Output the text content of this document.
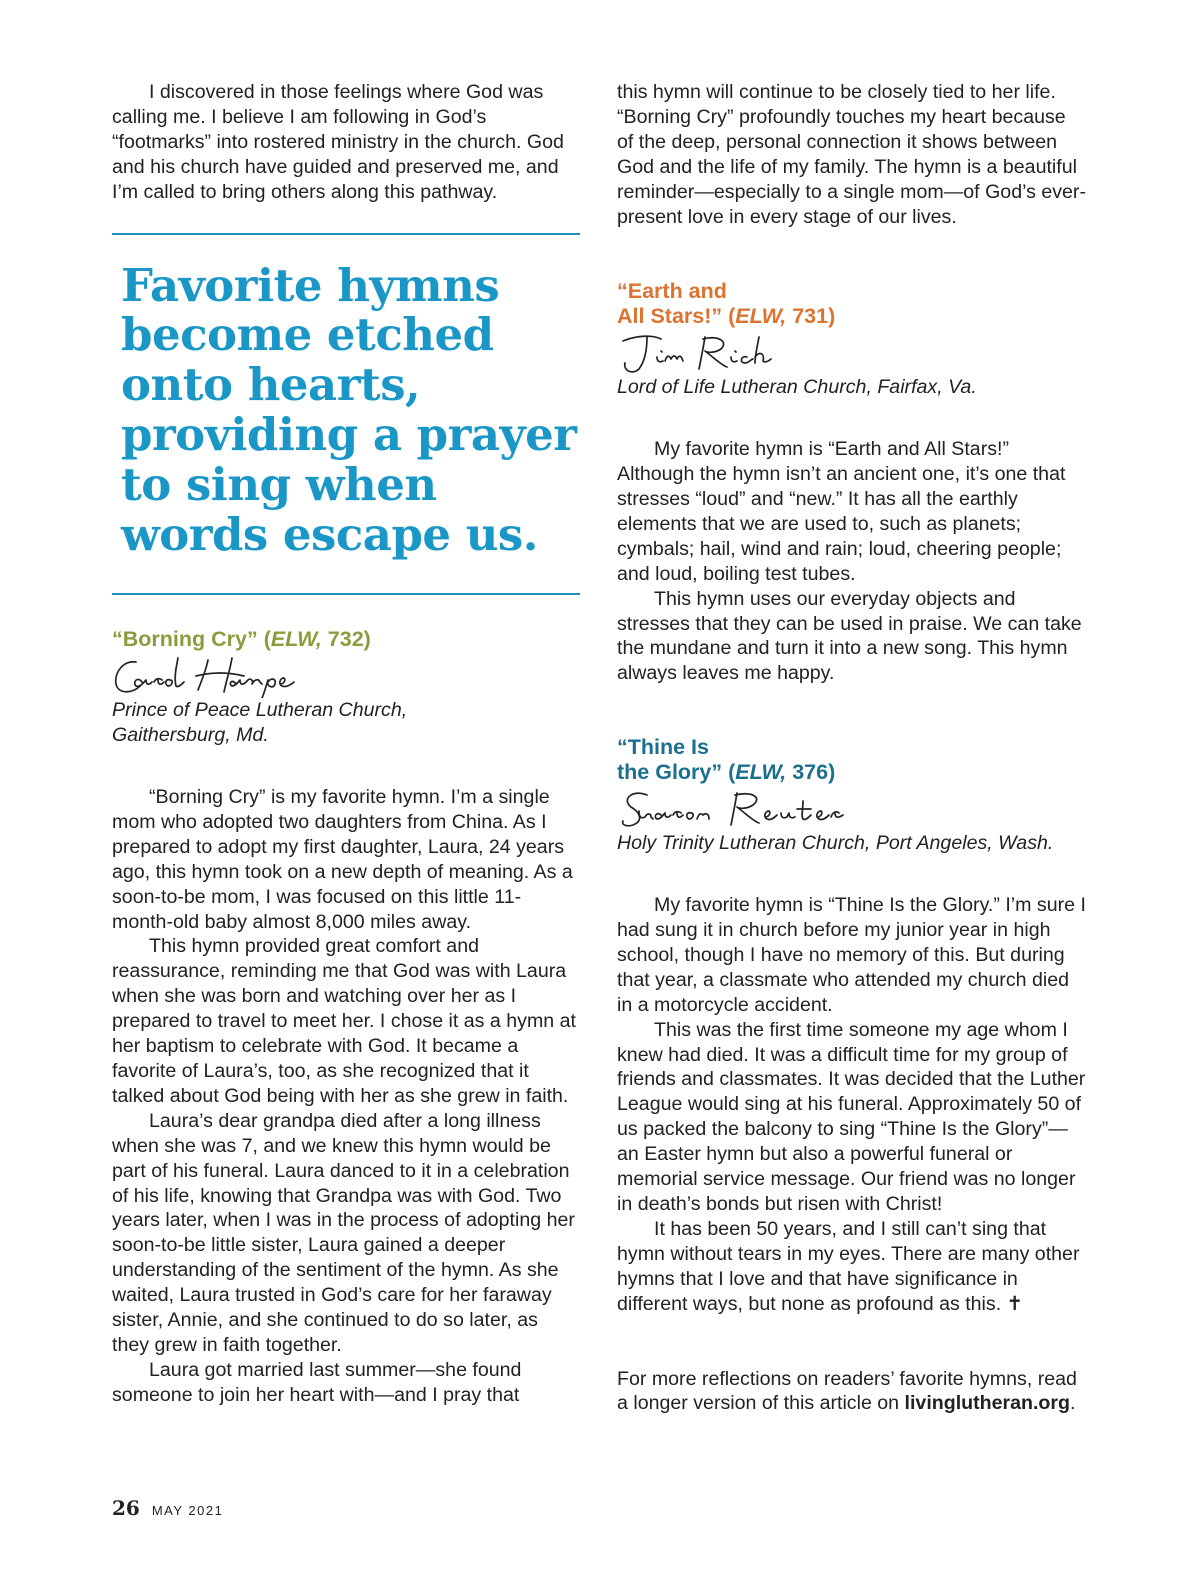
I discovered in those feelings where God was calling me. I believe I am following in God’s “footmarks” into rostered ministry in the church. God and his church have guided and preserved me, and I’m called to bring others along this pathway.

Favorite hymns become etched onto hearts, providing a prayer to sing when words escape us.

“Borning Cry” (ELW, 732)

Prince of Peace Lutheran Church,

Gaithersburg, Md.

“Borning Cry” is my favorite hymn. I’m a single mom who adopted two daughters from China. As I prepared to adopt my first daughter, Laura, 24 years ago, this hymn took on a new depth of meaning. As a soon-to-be mom, I was focused on this little 11-month-old baby almost 8,000 miles away.

This hymn provided great comfort and reassurance, reminding me that God was with Laura when she was born and watching over her as I prepared to travel to meet her. I chose it as a hymn at her baptism to celebrate with God. It became a favorite of Laura’s, too, as she recognized that it talked about God being with her as she grew in faith.

Laura’s dear grandpa died after a long illness when she was 7, and we knew this hymn would be part of his funeral. Laura danced to it in a celebration of his life, knowing that Grandpa was with God. Two years later, when I was in the process of adopting her soon-to-be little sister, Laura gained a deeper understanding of the sentiment of the hymn. As she waited, Laura trusted in God’s care for her faraway sister, Annie, and she continued to do so later, as they grew in faith together.

Laura got married last summer—she found someone to join her heart with—and I pray that

this hymn will continue to be closely tied to her life. “Borning Cry” profoundly touches my heart because of the deep, personal connection it shows between God and the life of my family. The hymn is a beautiful reminder—especially to a single mom—of God’s ever-present love in every stage of our lives.

“Earth and

All Stars!” (ELW, 731)

Lord of Life Lutheran Church, Fairfax, Va.

My favorite hymn is “Earth and All Stars!” Although the hymn isn’t an ancient one, it’s one that stresses “loud” and “new.” It has all the earthly elements that we are used to, such as planets; cymbals; hail, wind and rain; loud, cheering people; and loud, boiling test tubes.

This hymn uses our everyday objects and stresses that they can be used in praise. We can take the mundane and turn it into a new song. This hymn always leaves me happy.

“Thine Is

the Glory” (ELW, 376)

Holy Trinity Lutheran Church, Port Angeles, Wash.

My favorite hymn is “Thine Is the Glory.” I’m sure I had sung it in church before my junior year in high school, though I have no memory of this. But during that year, a classmate who attended my church died in a motorcycle accident.

This was the first time someone my age whom I knew had died. It was a difficult time for my group of friends and classmates. It was decided that the Luther League would sing at his funeral. Approximately 50 of us packed the balcony to sing “Thine Is the Glory”—an Easter hymn but also a powerful funeral or memorial service message. Our friend was no longer in death’s bonds but risen with Christ!

It has been 50 years, and I still can’t sing that hymn without tears in my eyes. There are many other hymns that I love and that have significance in different ways, but none as profound as this. ✝

For more reflections on readers’ favorite hymns, read a longer version of this article on livinglutheran.org.

26 MAY 2021
